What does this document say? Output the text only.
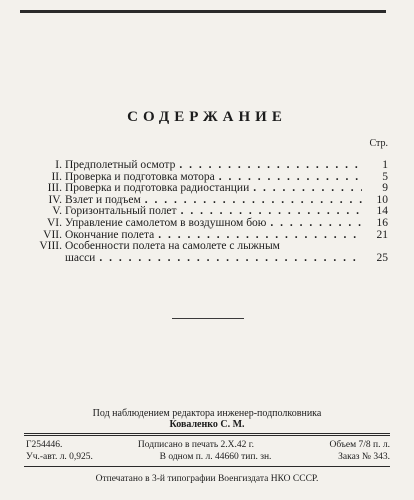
СОДЕРЖАНИЕ
Стр.
I. Предполетный осмотр . . .	1
II. Проверка и подготовка мотора . . .	5
III. Проверка и подготовка радиостанции . . .	9
IV. Взлет и подъем . . .	10
V. Горизонтальный полет . . .	14
VI. Управление самолетом в воздушном бою . . .	16
VII. Окончание полета . . .	21
VIII. Особенности полета на самолете с лыжным
шасси . . .	25
Под наблюдением редактора инженер-подполковника
Коваленко С. М.
Г254446.	Подписано в печать 2.Х.42 г.	Объем 7/8 п. л.
Уч.-авт. л. 0,925.	В одном п. л. 44660 тип. зн.	Заказ № 343.
Отпечатано в 3-й типографии Военгиздата НКО СССР.
